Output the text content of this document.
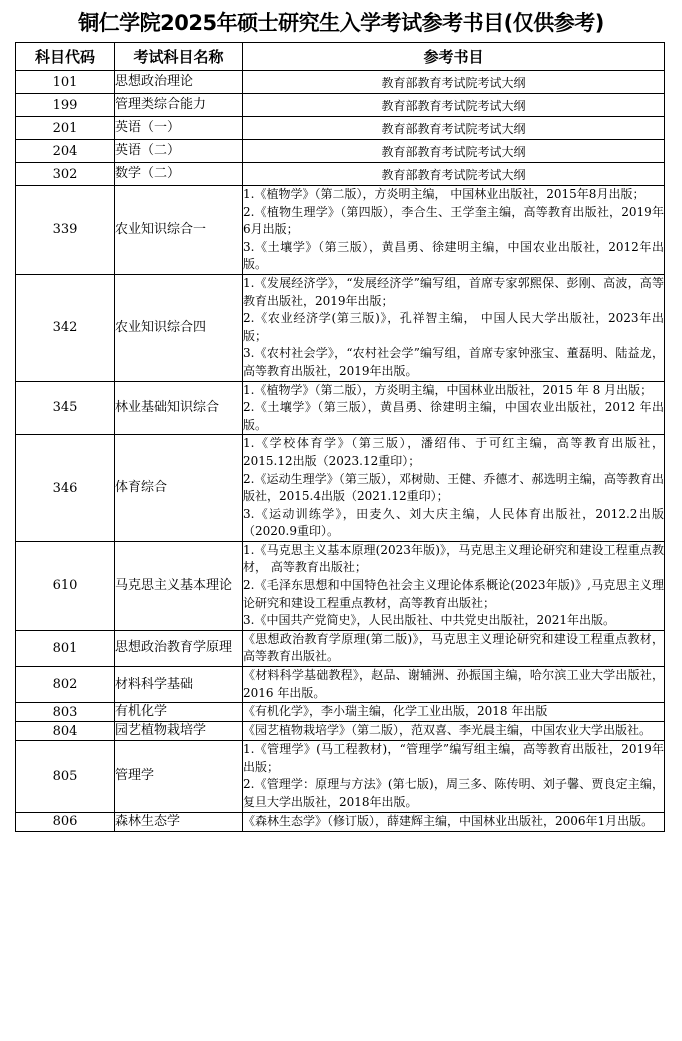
铜仁学院2025年硕士研究生入学考试参考书目(仅供参考)
科目代码	考试科目名称	参考书目
101	思想政治理论	教育部教育考试院考试大纲
199	管理类综合能力	教育部教育考试院考试大纲
201	英语（一）	教育部教育考试院考试大纲
204	英语（二）	教育部教育考试院考试大纲
302	数学（二）	教育部教育考试院考试大纲
339	农业知识综合一	1.《植物学》（第二版），方炎明主编， 中国林业出版社，2015年8月出版；

2.《植物生理学》（第四版），李合生、王学奎主编，高等教育出版社，2019年6月出版；

3.《土壤学》（第三版），黄昌勇、徐建明主编，中国农业出版社，2012年出版。

342	农业知识综合四	1.《发展经济学》，“发展经济学”编写组，首席专家郭熙保、彭刚、高波，高等教育出版社，2019年出版；

2.《农业经济学(第三版)》，孔祥智主编， 中国人民大学出版社，2023年出版；

3.《农村社会学》，“农村社会学”编写组，首席专家钟涨宝、董磊明、陆益龙，高等教育出版社，2019年出版。

345	林业基础知识综合	1.《植物学》（第二版），方炎明主编，中国林业出版社，2015 年 8 月出版；

2.《土壤学》（第三版），黄昌勇、徐建明主编，中国农业出版社，2012 年出版。

346	体育综合	1.《学校体育学》（第三版），潘绍伟、于可红主编，高等教育出版社，2015.12出版（2023.12重印）；

2.《运动生理学》（第三版），邓树勋、王健、乔德才、郝选明主编，高等教育出版社，2015.4出版（2021.12重印）；

3.《运动训练学》，田麦久、刘大庆主编，人民体育出版社，2012.2出版（2020.9重印）。

610	马克思主义基本理论	1.《马克思主义基本原理(2023年版)》，马克思主义理论研究和建设工程重点教材， 高等教育出版社；

2.《毛泽东思想和中国特色社会主义理论体系概论(2023年版)》,马克思主义理论研究和建设工程重点教材，高等教育出版社；

3.《中国共产党简史》，人民出版社、中共党史出版社，2021年出版。

801	思想政治教育学原理	《思想政治教育学原理(第二版)》，马克思主义理论研究和建设工程重点教材，高等教育出版社。

802	材料科学基础	《材料科学基础教程》，赵品、谢辅洲、孙振国主编，哈尔滨工业大学出版社，2016 年出版。

803	有机化学	《有机化学》，李小瑞主编，化学工业出版，2018 年出版

804	园艺植物栽培学	《园艺植物栽培学》（第二版），范双喜、李光晨主编，中国农业大学出版社。

805	管理学	1.《管理学》(马工程教材)，“管理学”编写组主编，高等教育出版社，2019年出版；

2.《管理学：原理与方法》(第七版)，周三多、陈传明、刘子馨、贾良定主编，复旦大学出版社，2018年出版。

806	森林生态学	《森林生态学》（修订版），薛建辉主编，中国林业出版社，2006年1月出版。
